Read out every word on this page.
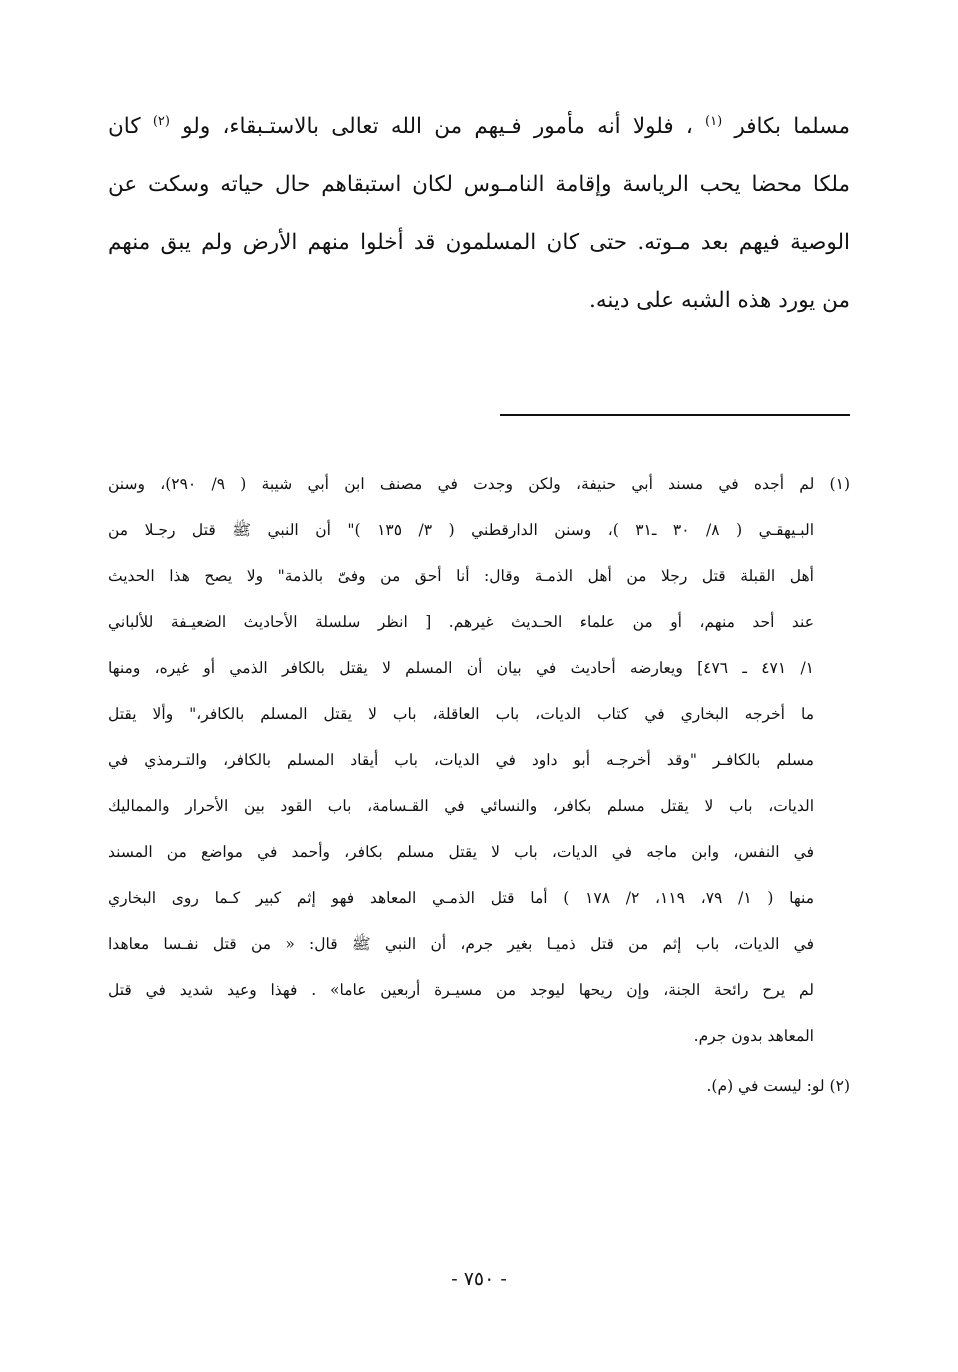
مسلما بكافر $^{(١)}$ ، فلولا أنه مأمور فـيهم من الله تعالى بالاستـبقاء، ولو $^{(٢)}$ كان
ملكا محضا يحب الرياسة وإقامة النامـوس لكان استبقاهم حال حياته وسكت عن
الوصية فيهم بعد مـوته. حتى كان المسلمون قد أخلوا منهم الأرض ولم يبق منهم
من يورد هذه الشبه على دينه.
(١) لم أجده في مسند أبي حنيفة، ولكن وجدت في مصنف ابن أبي شيبة ( ٩/ ٢٩٠)، وسنن
البـيهقـي ( ٨/ ٣٠ ـ٣١ )، وسنن الدارقطني ( ٣/ ١٣٥ )" أن النبي ﷺ قتل رجـلا من
أهل القبلة قتل رجلا من أهل الذمـة وقال: أنا أحق من وفىّ بالذمة" ولا يصح هذا الحديث
عند أحد منهم، أو من علماء الحـديث غيرهم. [ انظر سلسلة الأحاديث الضعيـفة للألباني
١/ ٤٧١ ـ ٤٧٦] ويعارضه أحاديث في بيان أن المسلم لا يقتل بالكافر الذمي أو غيره، ومنها
ما أخرجه البخاري في كتاب الديات، باب العاقلة، باب لا يقتل المسلم بالكافر،" وألا يقتل
مسلم بالكافـر "وقد أخرجـه أبو داود في الديات، باب أيقاد المسلم بالكافر، والتـرمذي في
الديات، باب لا يقتل مسلم بكافر، والنسائي في القـسامة، باب القود بين الأحرار والمماليك
في النفس، وابن ماجه في الديات، باب لا يقتل مسلم بكافر، وأحمد في مواضع من المسند
منها ( ١/ ٧٩، ١١٩، ٢/ ١٧٨ ) أما قتل الذمـي المعاهد فهو إثم كبير كـما روى البخاري
في الديات، باب إثم من قتل ذميـا بغير جرم، أن النبي ﷺ قال: « من قتل نفـسا معاهدا
لم يرح رائحة الجنة، وإن ريحها ليوجد من مسيـرة أربعين عاما» . فهذا وعيد شديد في قتل
المعاهد بدون جرم.
(٢) لو: ليست في (م).
- ٧٥٠ -
